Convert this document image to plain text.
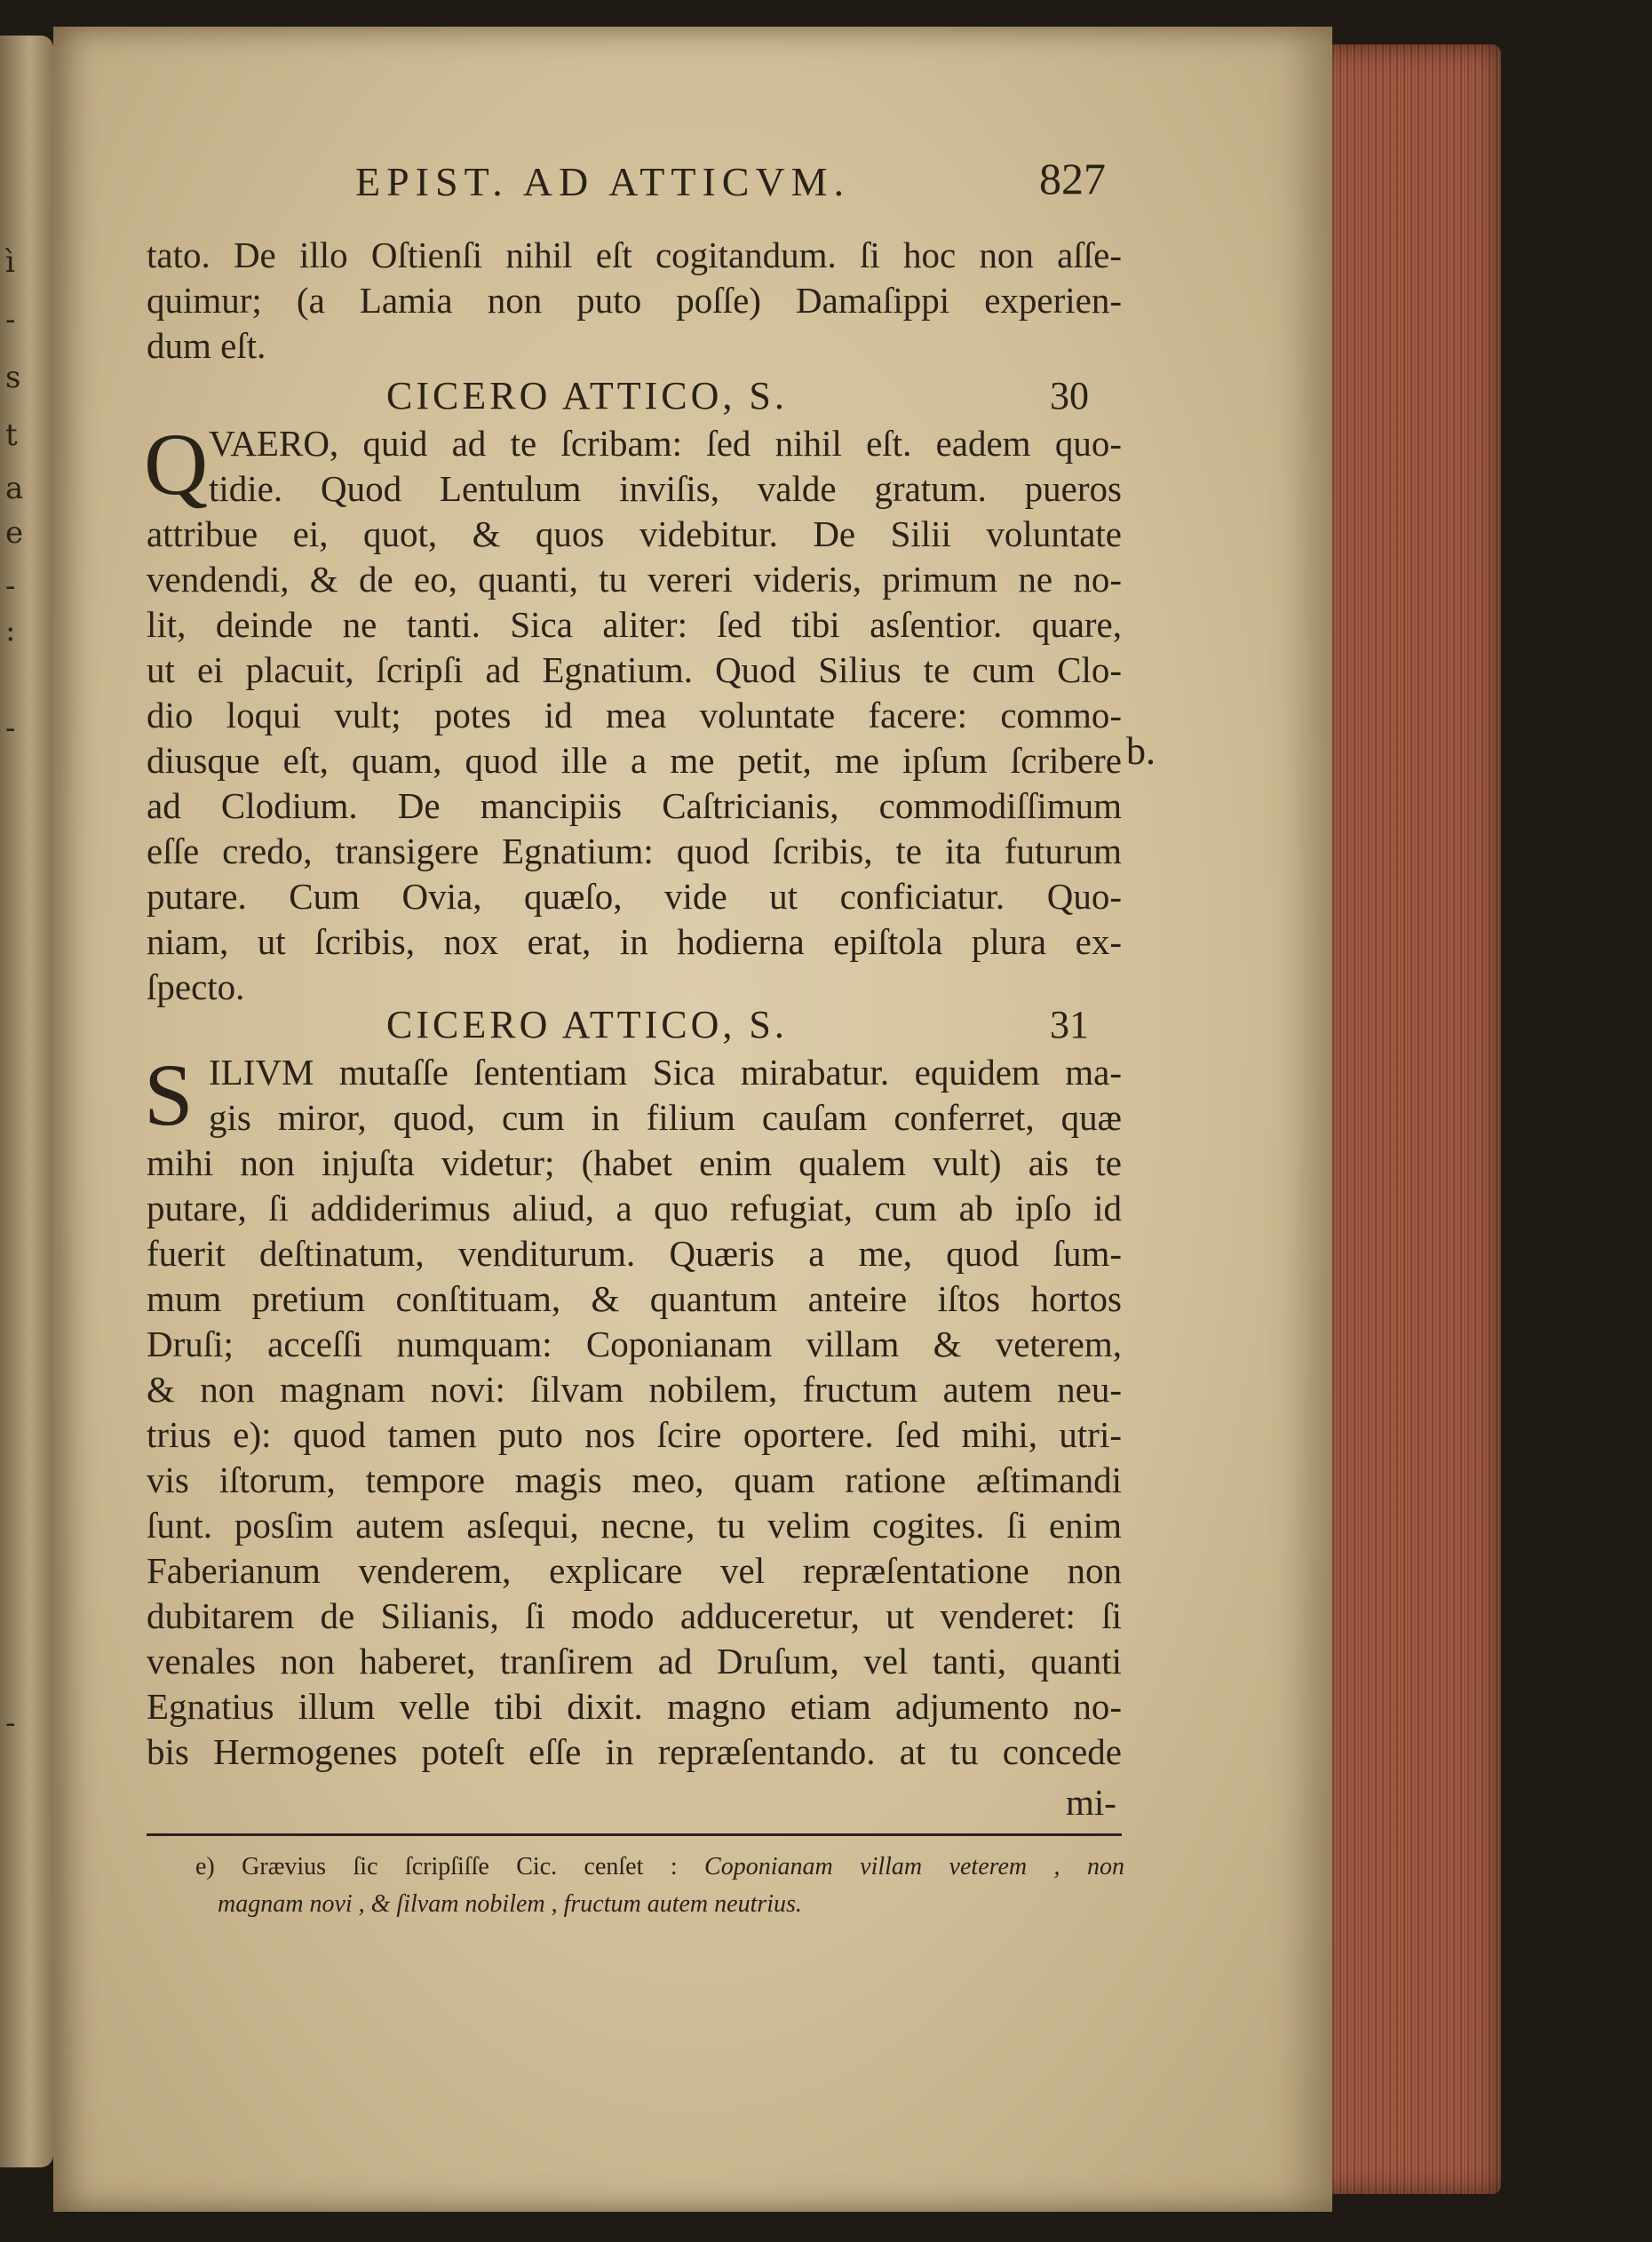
ì
-
s
t
a
e
-
:
-
-
EPIST. AD ATTICVM.	827
tato. De illo Oſtienſi nihil eſt cogitandum. ſi hoc non aſſe-
quimur; (a Lamia non puto poſſe) Damaſippi experien-
dum eſt.
CICERO ATTICO, S.	30
Q VAERO, quid ad te ſcribam: ſed nihil eſt. eadem quo-
tidie. Quod Lentulum inviſis, valde gratum. pueros
attribue ei, quot, & quos videbitur. De Silii voluntate
vendendi, & de eo, quanti, tu vereri videris, primum ne no-
lit, deinde ne tanti. Sica aliter: ſed tibi asſentior. quare,
ut ei placuit, ſcripſi ad Egnatium. Quod Silius te cum Clo-
dio loqui vult; potes id mea voluntate facere: commo-
diusque eſt, quam, quod ille a me petit, me ipſum ſcribere
ad Clodium. De mancipiis Caſtricianis, commodiſſimum
eſſe credo, transigere Egnatium: quod ſcribis, te ita futurum
putare. Cum Ovia, quæſo, vide ut conficiatur. Quo-
niam, ut ſcribis, nox erat, in hodierna epiſtola plura ex-
ſpecto.
b.
CICERO ATTICO, S.	31
S ILIVM mutaſſe ſententiam Sica mirabatur. equidem ma-
gis miror, quod, cum in filium cauſam conferret, quæ
mihi non injuſta videtur; (habet enim qualem vult) ais te
putare, ſi addiderimus aliud, a quo refugiat, cum ab ipſo id
fuerit deſtinatum, venditurum. Quæris a me, quod ſum-
mum pretium conſtituam, & quantum anteire iſtos hortos
Druſi; acceſſi numquam: Coponianam villam & veterem,
& non magnam novi: ſilvam nobilem, fructum autem neu-
trius e): quod tamen puto nos ſcire oportere. ſed mihi, utri-
vis iſtorum, tempore magis meo, quam ratione æſtimandi
ſunt. posſim autem asſequi, necne, tu velim cogites. ſi enim
Faberianum venderem, explicare vel repræſentatione non
dubitarem de Silianis, ſi modo adduceretur, ut venderet: ſi
venales non haberet, tranſirem ad Druſum, vel tanti, quanti
Egnatius illum velle tibi dixit. magno etiam adjumento no-
bis Hermogenes poteſt eſſe in repræſentando. at tu concede
mi-
e) Grævius ſic ſcripſiſſe Cic. cenſet : Coponianam villam veterem , non
magnam novi , & ſilvam nobilem , fructum autem neutrius.
